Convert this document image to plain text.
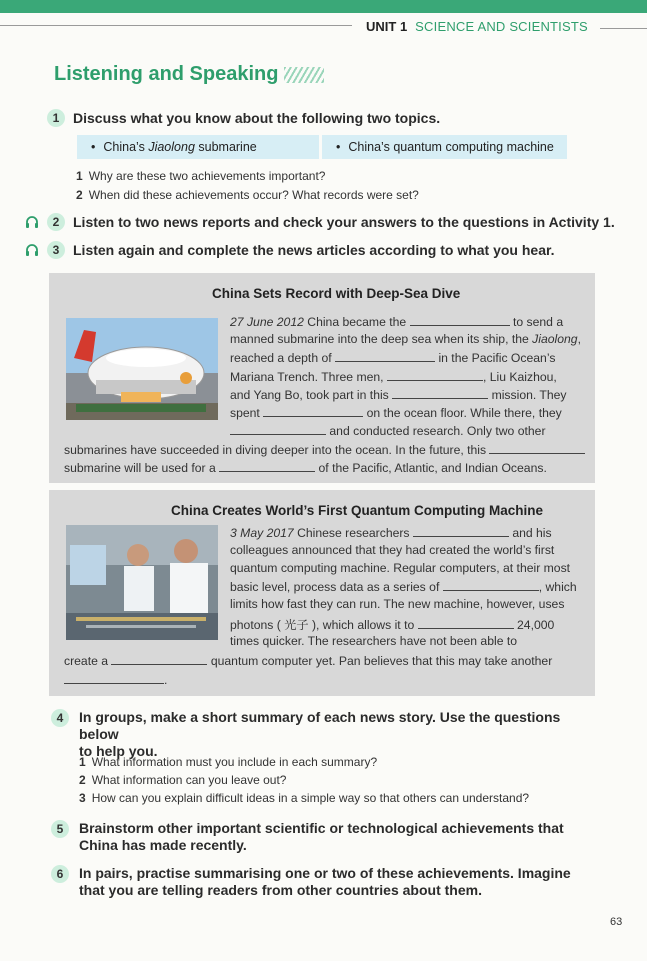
UNIT 1 SCIENCE AND SCIENTISTS
Listening and Speaking
1 Discuss what you know about the following two topics.
• China’s Jiaolong submarine	• China’s quantum computing machine
1 Why are these two achievements important?
2 When did these achievements occur? What records were set?
2 Listen to two news reports and check your answers to the questions in Activity 1.
3 Listen again and complete the news articles according to what you hear.
China Sets Record with Deep-Sea Dive
27 June 2012 China became the	to send a
manned submarine into the deep sea when its ship, the Jiaolong,
reached a depth of	in the Pacific Ocean’s
Mariana Trench. Three men,	, Liu Kaizhou,
and Yang Bo, took part in this	mission. They
spent	on the ocean floor. While there, they
and conducted research. Only two other
submarines have succeeded in diving deeper into the ocean. In the future, this
submarine will be used for a	of the Pacific, Atlantic, and Indian Oceans.
China Creates World’s First Quantum Computing Machine
3 May 2017 Chinese researchers	and his
colleagues announced that they had created the world’s first
quantum computing machine. Regular computers, at their most
basic level, process data as a series of	, which
limits how fast they can run. The new machine, however, uses
photons ( 光子 ), which allows it to	24,000
times quicker. The researchers have not been able to
create a	quantum computer yet. Pan believes that this may take another
.
4	In groups, make a short summary of each news story. Use the questions below
to help you.
1 What information must you include in each summary?
2 What information can you leave out?
3 How can you explain difficult ideas in a simple way so that others can understand?
5	Brainstorm other important scientific or technological achievements that
China has made recently.
6	In pairs, practise summarising one or two of these achievements. Imagine
that you are telling readers from other countries about them.
63
